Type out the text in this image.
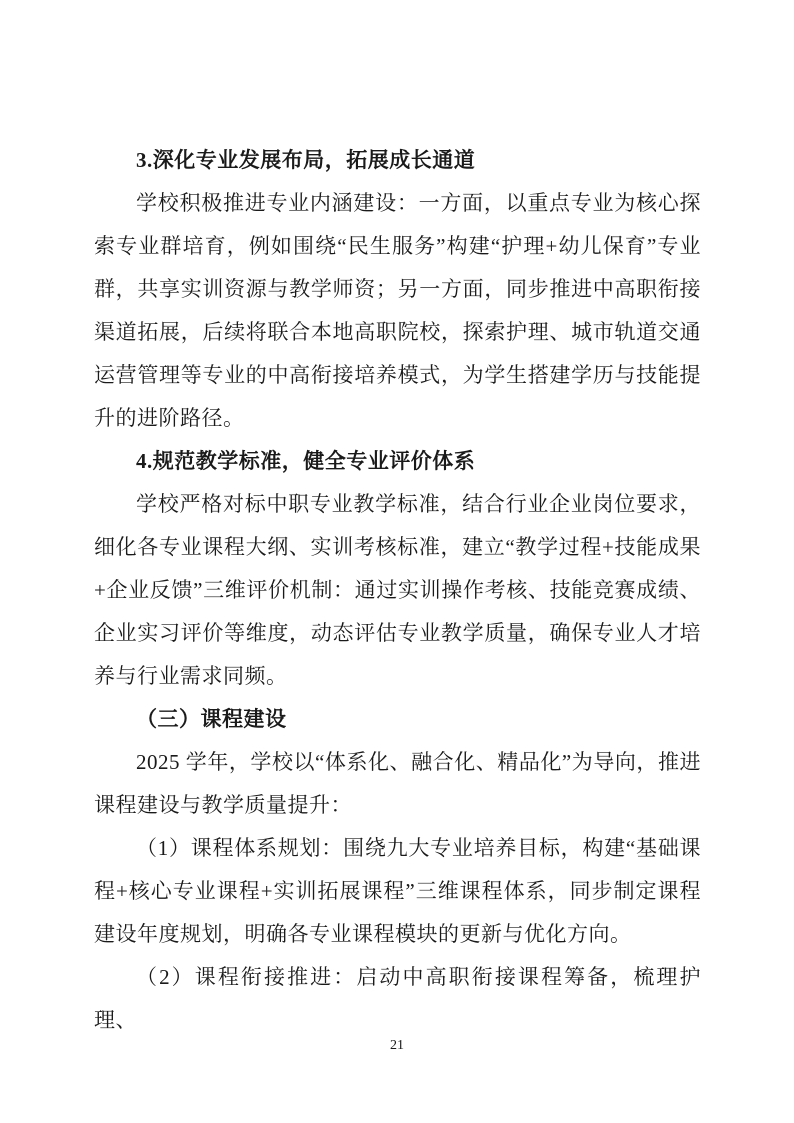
3.深化专业发展布局，拓展成长通道

学校积极推进专业内涵建设：一方面，以重点专业为核心探索专业群培育，例如围绕“民生服务”构建“护理+幼儿保育”专业群，共享实训资源与教学师资；另一方面，同步推进中高职衔接渠道拓展，后续将联合本地高职院校，探索护理、城市轨道交通运营管理等专业的中高衔接培养模式，为学生搭建学历与技能提升的进阶路径。

4.规范教学标准，健全专业评价体系

学校严格对标中职专业教学标准，结合行业企业岗位要求，细化各专业课程大纲、实训考核标准，建立“教学过程+技能成果+企业反馈”三维评价机制：通过实训操作考核、技能竞赛成绩、企业实习评价等维度，动态评估专业教学质量，确保专业人才培养与行业需求同频。

（三）课程建设

2025 学年，学校以“体系化、融合化、精品化”为导向，推进课程建设与教学质量提升：

（1）课程体系规划：围绕九大专业培养目标，构建“基础课程+核心专业课程+实训拓展课程”三维课程体系，同步制定课程建设年度规划，明确各专业课程模块的更新与优化方向。

（2）课程衔接推进：启动中高职衔接课程筹备，梳理护理、

21
